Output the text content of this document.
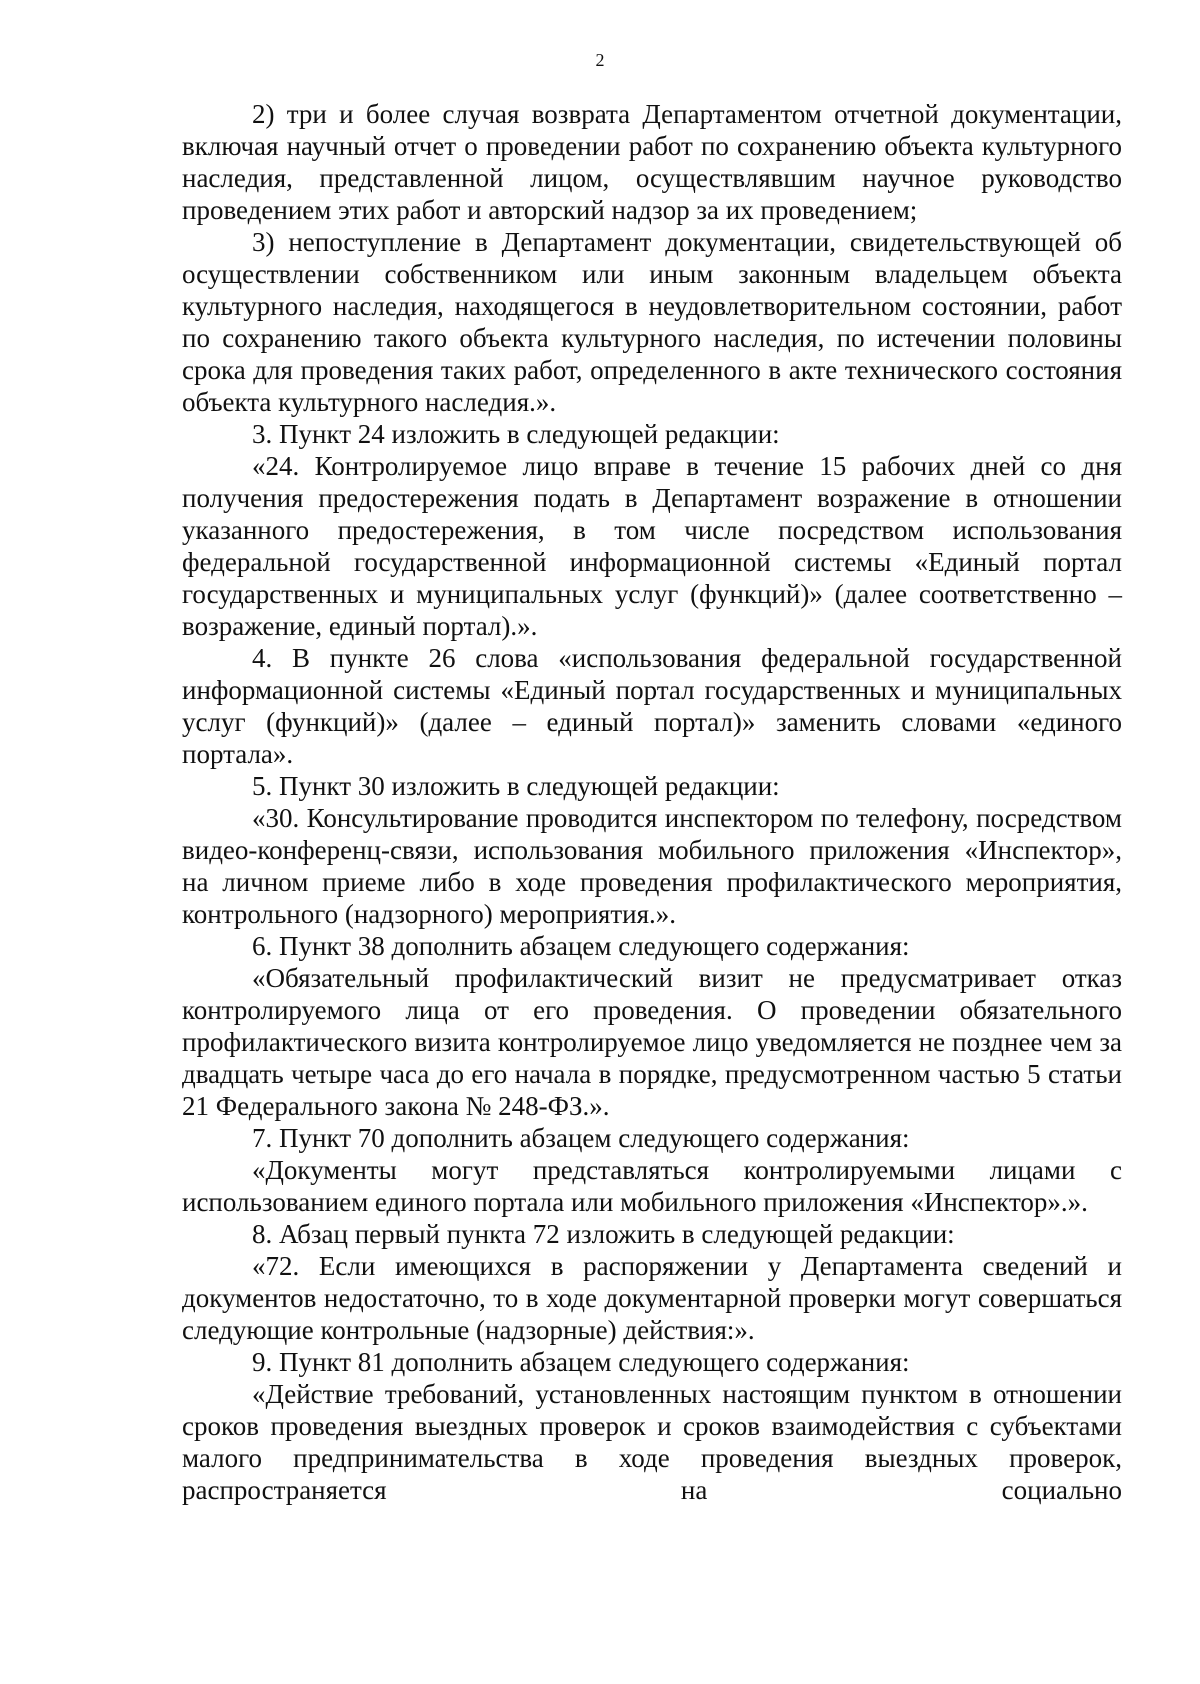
2

2) три и более случая возврата Департаментом отчетной документации, включая научный отчет о проведении работ по сохранению объекта культурного наследия, представленной лицом, осуществлявшим научное руководство проведением этих работ и авторский надзор за их проведением;

3) непоступление в Департамент документации, свидетельствующей об осуществлении собственником или иным законным владельцем объекта культурного наследия, находящегося в неудовлетворительном состоянии, работ по сохранению такого объекта культурного наследия, по истечении половины срока для проведения таких работ, определенного в акте технического состояния объекта культурного наследия.».

3. Пункт 24 изложить в следующей редакции:

«24. Контролируемое лицо вправе в течение 15 рабочих дней со дня получения предостережения подать в Департамент возражение в отношении указанного предостережения, в том числе посредством использования федеральной государственной информационной системы «Единый портал государственных и муниципальных услуг (функций)» (далее соответственно – возражение, единый портал).».

4. В пункте 26 слова «использования федеральной государственной информационной системы «Единый портал государственных и муниципальных услуг (функций)» (далее – единый портал)» заменить словами «единого портала».

5. Пункт 30 изложить в следующей редакции:

«30. Консультирование проводится инспектором по телефону, посредством видео-конференц-связи, использования мобильного приложения «Инспектор», на личном приеме либо в ходе проведения профилактического мероприятия, контрольного (надзорного) мероприятия.».

6. Пункт 38 дополнить абзацем следующего содержания:

«Обязательный профилактический визит не предусматривает отказ контролируемого лица от его проведения. О проведении обязательного профилактического визита контролируемое лицо уведомляется не позднее чем за двадцать четыре часа до его начала в порядке, предусмотренном частью 5 статьи 21 Федерального закона № 248-ФЗ.».

7. Пункт 70 дополнить абзацем следующего содержания:

«Документы могут представляться контролируемыми лицами с использованием единого портала или мобильного приложения «Инспектор».».

8. Абзац первый пункта 72 изложить в следующей редакции:

«72. Если имеющихся в распоряжении у Департамента сведений и документов недостаточно, то в ходе документарной проверки могут совершаться следующие контрольные (надзорные) действия:».

9. Пункт 81 дополнить абзацем следующего содержания:

«Действие требований, установленных настоящим пунктом в отношении сроков проведения выездных проверок и сроков взаимодействия с субъектами малого предпринимательства в ходе проведения выездных проверок, распространяется на социально
